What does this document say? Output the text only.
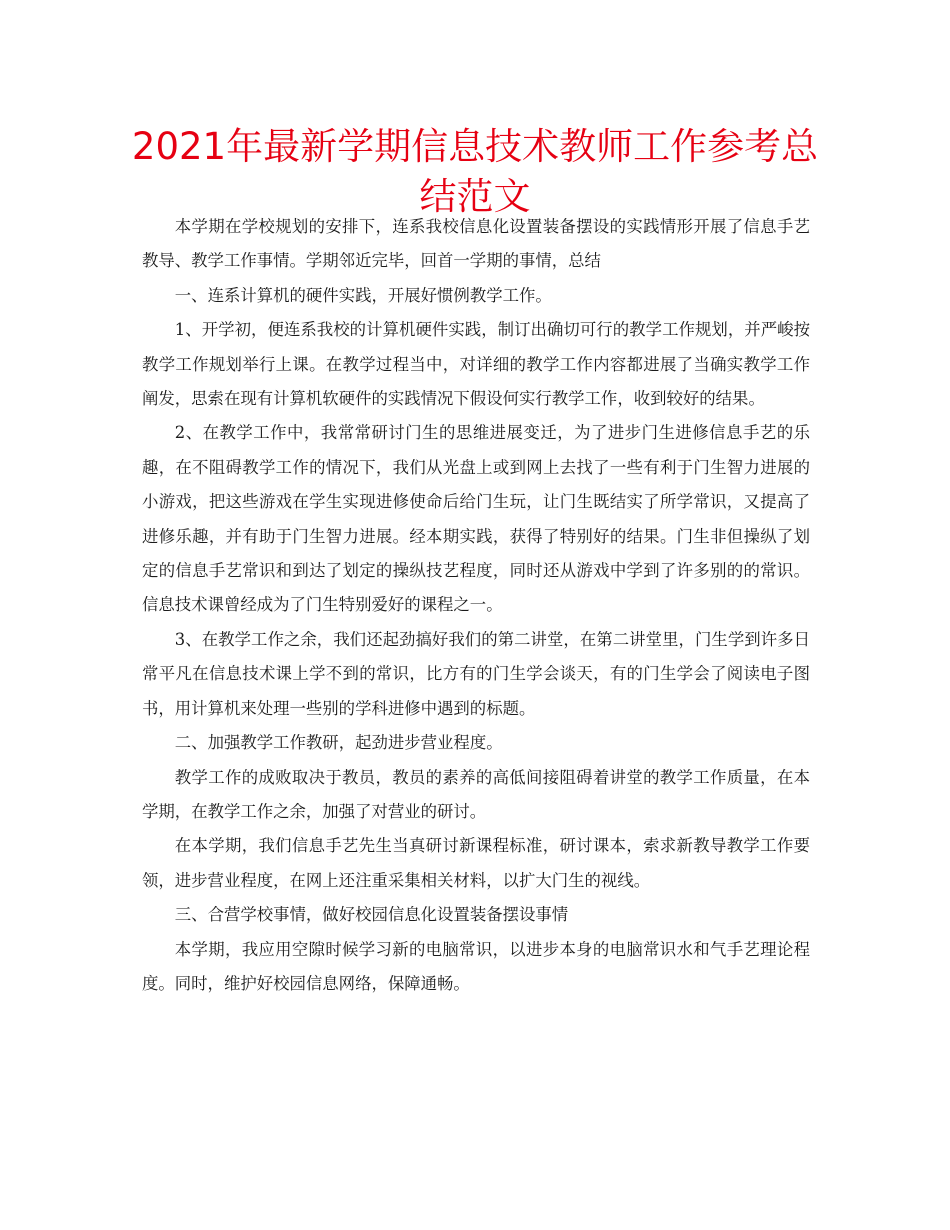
2021年最新学期信息技术教师工作参考总结范文

本学期在学校规划的安排下，连系我校信息化设置装备摆设的实践情形开展了信息手艺教导、教学工作事情。学期邻近完毕，回首一学期的事情，总结

一、连系计算机的硬件实践，开展好惯例教学工作。

1、开学初，便连系我校的计算机硬件实践，制订出确切可行的教学工作规划，并严峻按教学工作规划举行上课。在教学过程当中，对详细的教学工作内容都进展了当确实教学工作阐发，思索在现有计算机软硬件的实践情况下假设何实行教学工作，收到较好的结果。

2、在教学工作中，我常常研讨门生的思维进展变迁，为了进步门生进修信息手艺的乐趣，在不阻碍教学工作的情况下，我们从光盘上或到网上去找了一些有利于门生智力进展的小游戏，把这些游戏在学生实现进修使命后给门生玩，让门生既结实了所学常识，又提高了进修乐趣，并有助于门生智力进展。经本期实践，获得了特别好的结果。门生非但操纵了划定的信息手艺常识和到达了划定的操纵技艺程度，同时还从游戏中学到了许多别的的常识。信息技术课曾经成为了门生特别爱好的课程之一。

3、在教学工作之余，我们还起劲搞好我们的第二讲堂，在第二讲堂里，门生学到许多日常平凡在信息技术课上学不到的常识，比方有的门生学会谈天，有的门生学会了阅读电子图书，用计算机来处理一些别的学科进修中遇到的标题。

二、加强教学工作教研，起劲进步营业程度。

教学工作的成败取决于教员，教员的素养的高低间接阻碍着讲堂的教学工作质量，在本学期，在教学工作之余，加强了对营业的研讨。

在本学期，我们信息手艺先生当真研讨新课程标准，研讨课本，索求新教导教学工作要领，进步营业程度，在网上还注重采集相关材料，以扩大门生的视线。

三、合营学校事情，做好校园信息化设置装备摆设事情

本学期，我应用空隙时候学习新的电脑常识，以进步本身的电脑常识水和气手艺理论程度。同时，维护好校园信息网络，保障通畅。
